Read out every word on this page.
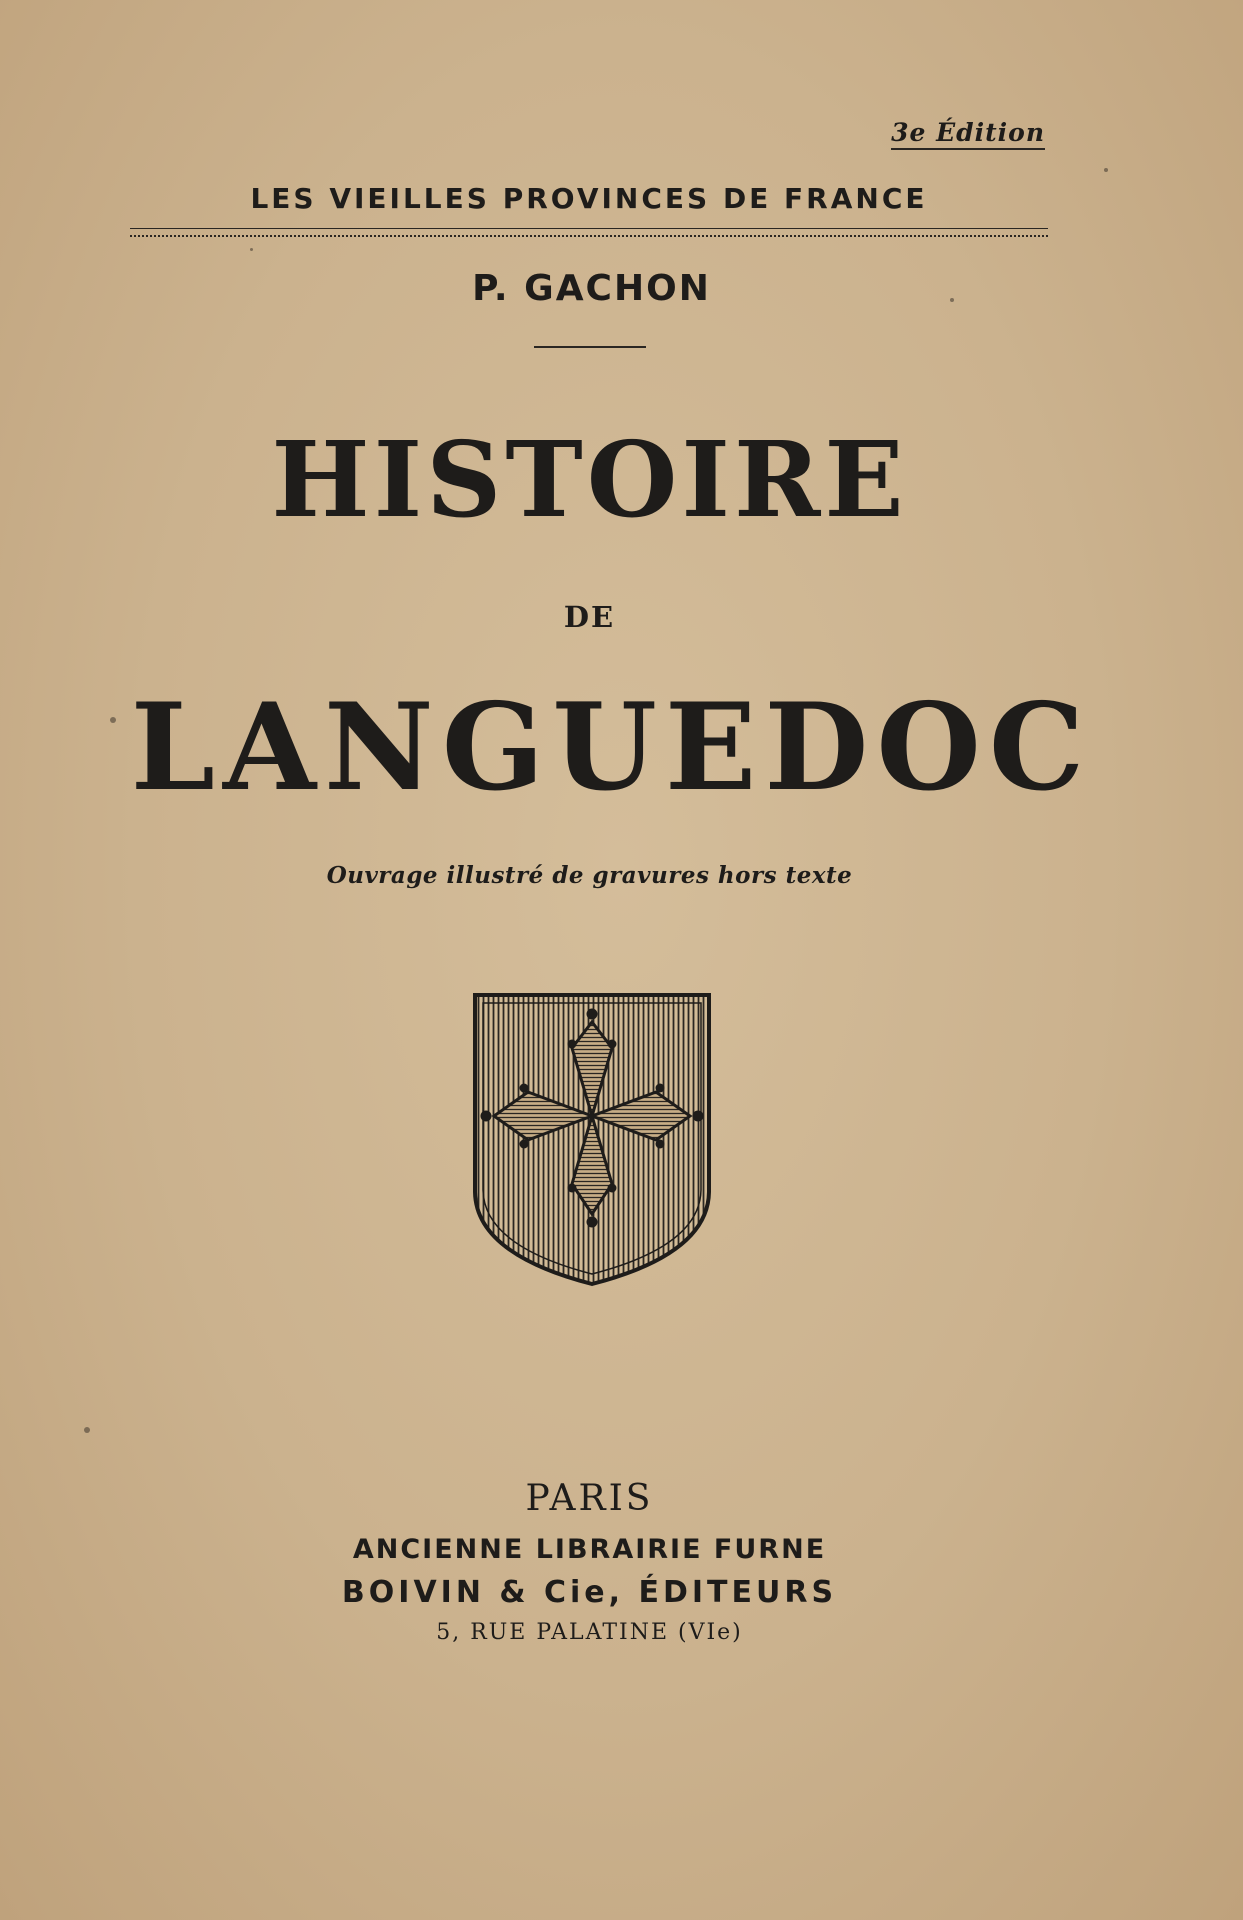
3e Édition

LES VIEILLES PROVINCES DE FRANCE

P. GACHON

HISTOIRE

DE

LANGUEDOC

Ouvrage illustré de gravures hors texte

PARIS

ANCIENNE LIBRAIRIE FURNE

BOIVIN & Cie, ÉDITEURS

5, RUE PALATINE (VIe)
